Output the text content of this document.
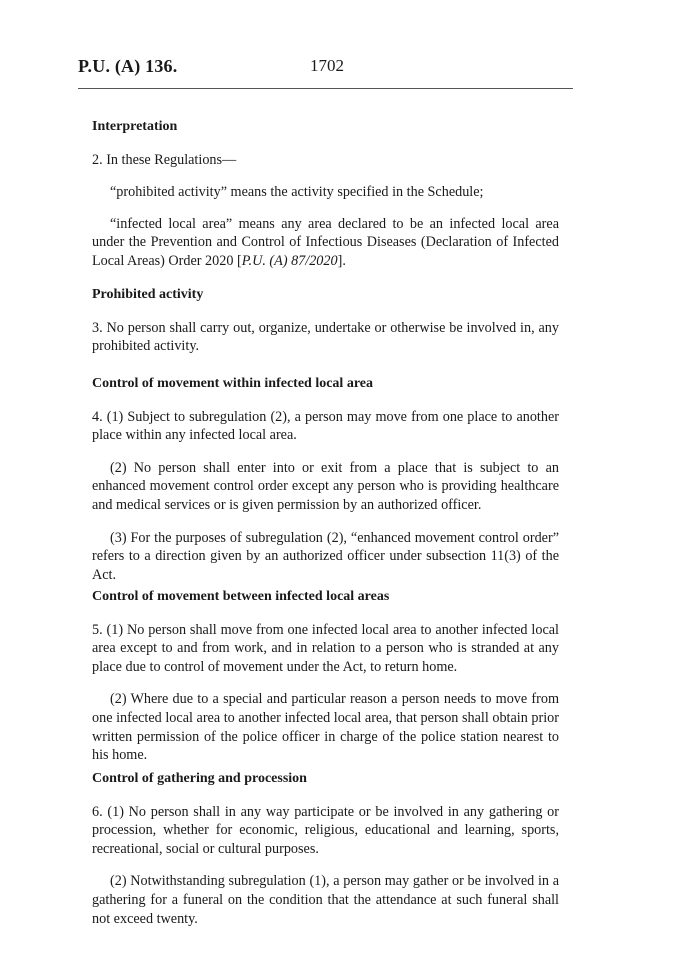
P.U. (A) 136.	1702

Interpretation

2. In these Regulations—

“prohibited activity” means the activity specified in the Schedule;

“infected local area” means any area declared to be an infected local area under the Prevention and Control of Infectious Diseases (Declaration of Infected Local Areas) Order 2020 [P.U. (A) 87/2020].

Prohibited activity

3. No person shall carry out, organize, undertake or otherwise be involved in, any prohibited activity.

Control of movement within infected local area

4. (1) Subject to subregulation (2), a person may move from one place to another place within any infected local area.

(2) No person shall enter into or exit from a place that is subject to an enhanced movement control order except any person who is providing healthcare and medical services or is given permission by an authorized officer.

(3) For the purposes of subregulation (2), “enhanced movement control order” refers to a direction given by an authorized officer under subsection 11(3) of the Act.

Control of movement between infected local areas

5. (1) No person shall move from one infected local area to another infected local area except to and from work, and in relation to a person who is stranded at any place due to control of movement under the Act, to return home.

(2) Where due to a special and particular reason a person needs to move from one infected local area to another infected local area, that person shall obtain prior written permission of the police officer in charge of the police station nearest to his home.

Control of gathering and procession

6. (1) No person shall in any way participate or be involved in any gathering or procession, whether for economic, religious, educational and learning, sports, recreational, social or cultural purposes.

(2) Notwithstanding subregulation (1), a person may gather or be involved in a gathering for a funeral on the condition that the attendance at such funeral shall not exceed twenty.
